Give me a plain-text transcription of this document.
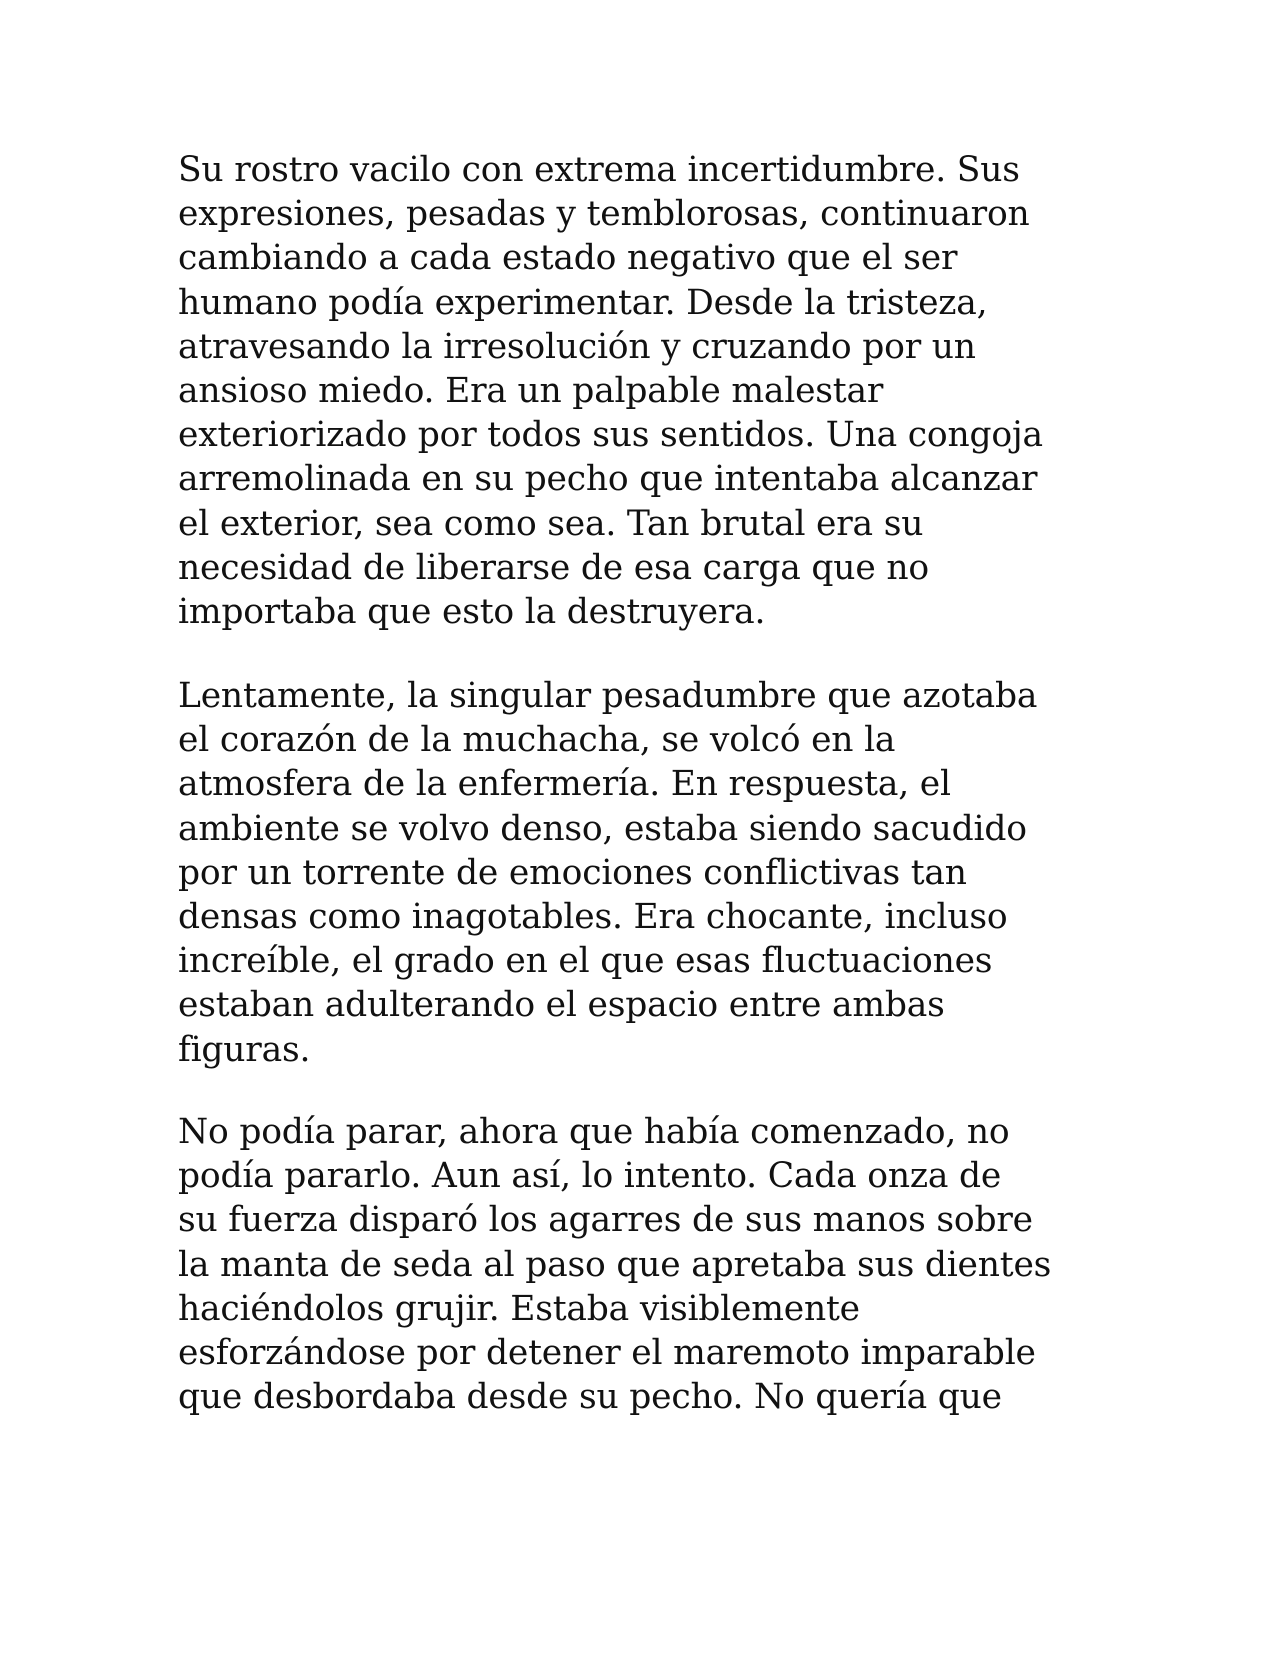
Su rostro vacilo con extrema incertidumbre. Sus
expresiones, pesadas y temblorosas, continuaron
cambiando a cada estado negativo que el ser
humano podía experimentar. Desde la tristeza,
atravesando la irresolución y cruzando por un
ansioso miedo. Era un palpable malestar
exteriorizado por todos sus sentidos. Una congoja
arremolinada en su pecho que intentaba alcanzar
el exterior, sea como sea. Tan brutal era su
necesidad de liberarse de esa carga que no
importaba que esto la destruyera.
Lentamente, la singular pesadumbre que azotaba
el corazón de la muchacha, se volcó en la
atmosfera de la enfermería. En respuesta, el
ambiente se volvo denso, estaba siendo sacudido
por un torrente de emociones conflictivas tan
densas como inagotables. Era chocante, incluso
increíble, el grado en el que esas fluctuaciones
estaban adulterando el espacio entre ambas
figuras.
No podía parar, ahora que había comenzado, no
podía pararlo. Aun así, lo intento. Cada onza de
su fuerza disparó los agarres de sus manos sobre
la manta de seda al paso que apretaba sus dientes
haciéndolos grujir. Estaba visiblemente
esforzándose por detener el maremoto imparable
que desbordaba desde su pecho. No quería que
